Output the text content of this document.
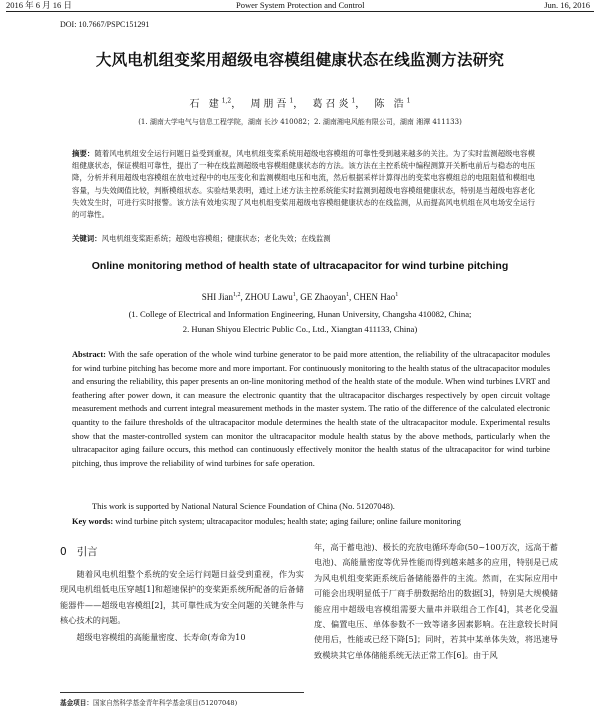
2016 年 6 月 16 日	Power System Protection and Control	Jun. 16, 2016
DOI: 10.7667/PSPC151291
大风电机组变桨用超级电容模组健康状态在线监测方法研究
石 建$^{1,2}$， 周朋吾$^1$， 葛召炎$^1$， 陈 浩$^1$
(1. 湖南大学电气与信息工程学院，湖南 长沙 410082；2. 湖南湘电风能有限公司，湖南 湘潭 411133)
摘要：随着风电机组安全运行问题日益受到重视，风电机组变桨系统用超级电容模组的可靠性受到越来越多的关注。为了实时监测超级电容模组健康状态，保证模组可靠性，提出了一种在线监测超级电容模组健康状态的方法。该方法在主控系统中编程测算开关断电前后与稳态的电压降，分析并利用超级电容模组在放电过程中的电压变化和监测模组电压和电流，然后根据采样计算得出的变桨电容模组总的电阻阻值和模组电容量，与失效阈值比较，判断模组状态。实验结果表明，通过上述方法主控系统能实时监测到超级电容模组健康状态，特别是当超级电容老化失效发生时，可进行实时报警。该方法有效地实现了风电机组变桨用超级电容模组健康状态的在线监测，从而提高风电机组在风电场安全运行的可靠性。
关键词：风电机组变桨距系统；超级电容模组；健康状态；老化失效；在线监测
Online monitoring method of health state of ultracapacitor for wind turbine pitching
SHI Jian$^{1,2}$, ZHOU Lawu$^1$, GE Zhaoyan$^1$, CHEN Hao$^1$
(1. College of Electrical and Information Engineering, Hunan University, Changsha 410082, China;
2. Hunan Shiyou Electric Public Co., Ltd., Xiangtan 411133, China)
Abstract: With the safe operation of the whole wind turbine generator to be paid more attention, the reliability of the ultracapacitor modules for wind turbine pitching has become more and more important. For continuously monitoring to the health status of the ultracapacitor modules and ensuring the reliability, this paper presents an on-line monitoring method of the health state of the module. When wind turbines LVRT and feathering after power down, it can measure the electronic quantity that the ultracapacitor discharges respectively by open circuit voltage measurement methods and current integral measurement methods in the master system. The ratio of the difference of the calculated electronic quantity to the failure thresholds of the ultracapacitor module determines the health state of the ultracapacitor module. Experimental results show that the master-controlled system can monitor the ultracapacitor module health status by the above methods, particularly when the ultracapacitor aging failure occurs, this method can continuously effectively monitor the health status of the ultracapacitor for wind turbine pitching, thus improve the reliability of wind turbines for safe operation.
This work is supported by National Natural Science Foundation of China (No. 51207048).
Key words: wind turbine pitch system; ultracapacitor modules; health state; aging failure; online failure monitoring
0 引言

随着风电机组整个系统的安全运行问题日益受到重视，作为实现风电机组低电压穿越[1]和超速保护的变桨距系统所配备的后备储能器件——超级电容模组[2]，其可靠性成为安全问题的关键条件与核心技术的问题。

超级电容模组的高能量密度、长寿命(寿命为10

年，高于蓄电池)、极长的充放电循环寿命(50~100万次，远高于蓄电池)、高能量密度等优异性能而得到越来越多的应用，特别是已成为风电机组变桨距系统后备储能器件的主流。然而，在实际应用中可能会出现明显低于厂商手册数据给出的数据[3]，特别是大规模储能应用中超级电容模组需要大量串并联组合工作[4]，其老化受温度、偏置电压、单体参数不一致等诸多因素影响。在注意较长时间使用后，性能或已经下降[5]；同时，若其中某单体失效，将迅速导致模块其它单体储能系统无法正常工作[6]。由于风

基金项目：国家自然科学基金青年科学基金项目(51207048)
